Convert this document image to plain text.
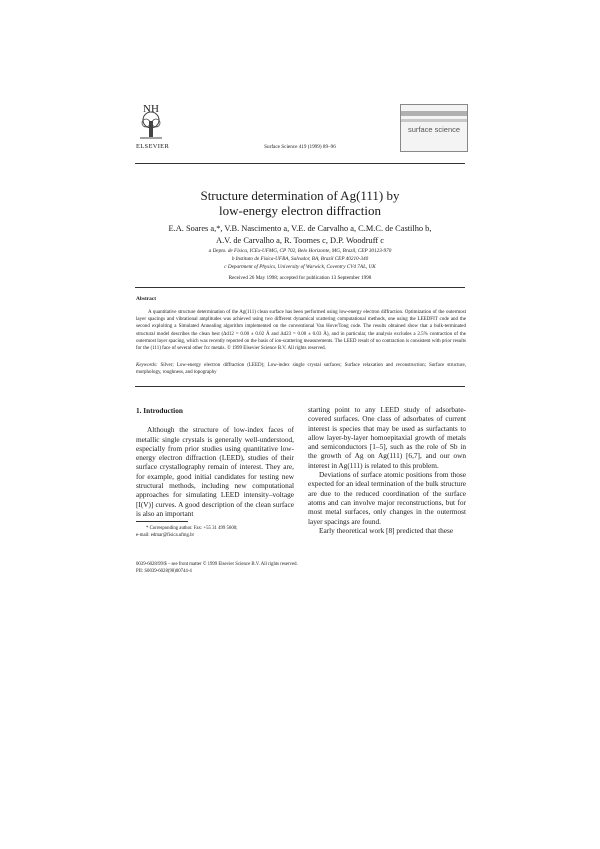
NH
ELSEVIER	Surface Science 419 (1999) 89–96
surface science
Structure determination of Ag(111) by
low-energy electron diffraction
E.A. Soares a,*, V.B. Nascimento a, V.E. de Carvalho a, C.M.C. de Castilho b,
A.V. de Carvalho a, R. Toomes c, D.P. Woodruff c
a Depto. de Física, ICEx-UFMG, CP 702, Belo Horizonte, MG, Brazil, CEP 30123-970
b Instituto de Física-UFBA, Salvador, BA, Brazil CEP 40210-340
c Department of Physics, University of Warwick, Coventry CV4 7AL, UK
Received 26 May 1998; accepted for publication 13 September 1998
Abstract
A quantitative structure determination of the Ag(111) clean surface has been performed using low-energy electron diffraction. Optimization of the outermost layer spacings and vibrational amplitudes was achieved using two different dynamical scattering computational methods, one using the LEEDFIT code and the second exploiting a Simulated Annealing algorithm implemented on the conventional Van Hove/Tong code. The results obtained show that a bulk-terminated structural model describes the clean best (Δd12 = 0.00 ± 0.02 Å and Δd23 = 0.00 ± 0.03 Å), and in particular, the analysis excludes a 2.5% contraction of the outermost layer spacing, which was recently reported on the basis of ion-scattering measurements. The LEED result of no contraction is consistent with prior results for the (111) face of several other fcc metals. © 1999 Elsevier Science B.V. All rights reserved.
Keywords: Silver; Low-energy electron diffraction (LEED); Low-index single crystal surfaces; Surface relaxation and reconstruction; Surface structure, morphology, roughness, and topography

1. Introduction

Although the structure of low-index faces of metallic single crystals is generally well-understood, especially from prior studies using quantitative low-energy electron diffraction (LEED), studies of their surface crystallography remain of interest. They are, for example, good initial candidates for testing new structural methods, including new computational approaches for simulating LEED intensity–voltage [I(V)] curves. A good description of the clean surface is also an important

starting point to any LEED study of adsorbate-covered surfaces. One class of adsorbates of current interest is species that may be used as surfactants to allow layer-by-layer homoepitaxial growth of metals and semiconductors [1–5], such as the role of Sb in the growth of Ag on Ag(111) [6,7], and our own interest in Ag(111) is related to this problem.

Deviations of surface atomic positions from those expected for an ideal termination of the bulk structure are due to the reduced coordination of the surface atoms and can involve major reconstructions, but for most metal surfaces, only changes in the outermost layer spacings are found.

Early theoretical work [8] predicted that these

* Corresponding author. Fax: +55 31 499 5600;
e-mail: edmar@fisica.ufmg.br
0039-6028/99/$ – see front matter © 1999 Elsevier Science B.V. All rights reserved.
PII: S0039-6028(98)00744-4
